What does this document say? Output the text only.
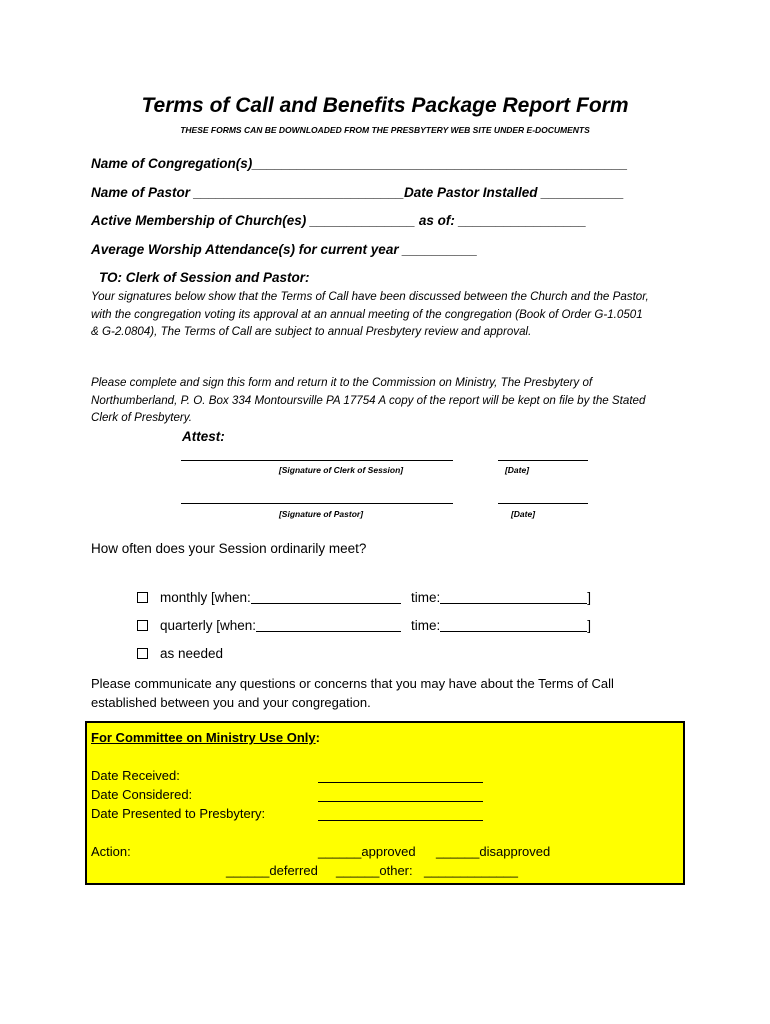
Terms of Call and Benefits Package Report Form
THESE FORMS CAN BE DOWNLOADED FROM THE PRESBYTERY WEB SITE UNDER E-DOCUMENTS
Name of Congregation(s)__________________________________________________
Name of Pastor ____________________________Date Pastor Installed ___________
Active Membership of Church(es) ______________ as of: _________________
Average Worship Attendance(s) for current year __________
TO: Clerk of Session and Pastor:
Your signatures below show that the Terms of Call have been discussed between the Church and the Pastor, with the congregation voting its approval at an annual meeting of the congregation (Book of Order G-1.0501 & G-2.0804), The Terms of Call are subject to annual Presbytery review and approval.
Please complete and sign this form and return it to the Commission on Ministry, The Presbytery of Northumberland, P. O. Box 334 Montoursville PA 17754 A copy of the report will be kept on file by the Stated Clerk of Presbytery.
Attest:
[Signature of Clerk of Session]	[Date]
[Signature of Pastor]	[Date]
How often does your Session ordinarily meet?
monthly [when:	time:	]
quarterly [when:	time:	]
as needed
Please communicate any questions or concerns that you may have about the Terms of Call established between you and your congregation.
For Committee on Ministry Use Only:
Date Received:
Date Considered:
Date Presented to Presbytery:
Action:	______approved ______disapproved
______deferred ______other: _____________
